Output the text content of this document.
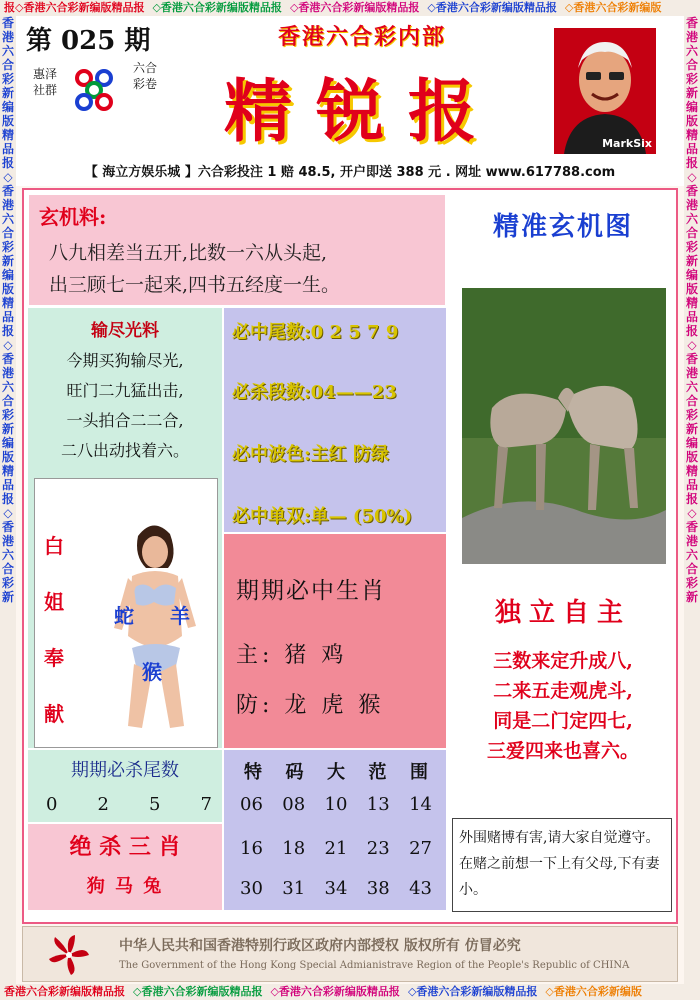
报◇香港六合彩新编版精品报 ◇香港六合彩新编版精品报 ◇香港六合彩新编版精品报 ◇香港六合彩新编版精品报 ◇香港六合彩新编版
香港六合彩新编版精品报 ◇香港六合彩新编版精品报 ◇香港六合彩新编版精品报 ◇香港六合彩新编版精品报 ◇香港六合彩新编版
香港六合彩新编版精品报◇香港六合彩新编版精品报◇香港六合彩新编版精品报◇香港六合彩新
香港六合彩新编版精品报◇香港六合彩新编版精品报◇香港六合彩新编版精品报◇香港六合彩新
第 025 期
惠泽社群
六合彩卷
香港六合彩内部
精锐报	MarkSix
【 海立方娱乐城 】六合彩投注 1 赔 48.5, 开户即送 388 元 . 网址 www.617788.com
玄机料:
八九相差当五开,比数一六从头起,
出三顾七一起来,四书五经度一生。
输尽光料
今期买狗输尽光,
旺门二九猛出击,
一头拍合二二合,
二八出动找着六。
必中尾数:0 2 5 7 9
必杀段数:04——23
必中波色:主红 防绿
必中单双:单— (50%)
白
姐
奉
献
蛇 羊
猴
期期必中生肖
主: 猪 鸡
防: 龙 虎 猴
期期必杀尾数
0 2 5 7
绝 杀 三 肖
狗 马 兔
特 码 大 范 围
06 08 10 13 14
16 18 21 23 27
30 31 34 38 43
精准玄机图
独立自主
三数来定升成八,
二来五走观虎斗,
同是二门定四七,
三爱四来也喜六。
外围赌博有害,请大家自觉遵守。在赌之前想一下上有父母,下有妻小。
中华人民共和国香港特别行政区政府内部授权 版权所有 仿冒必究
The Government of the Hong Kong Special Admianistrave Region of the People's Republic of CHINA
